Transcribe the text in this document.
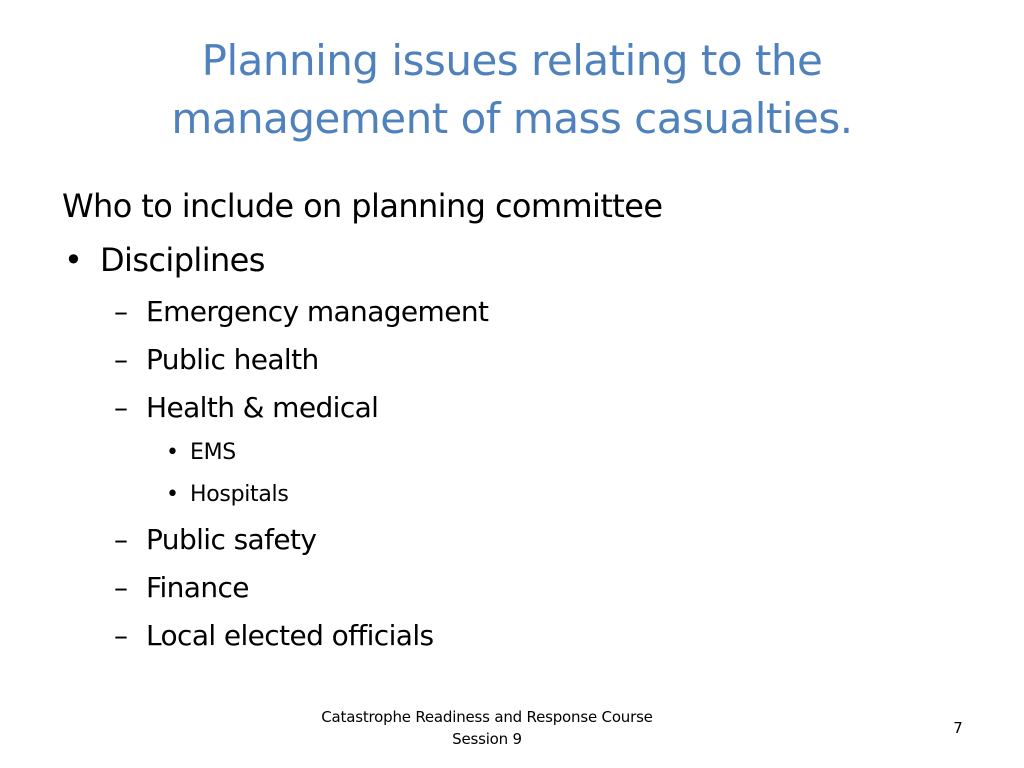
Planning issues relating to the
management of mass casualties.

Who to include on planning committee

• Disciplines
– Emergency management
– Public health
– Health & medical
• EMS
• Hospitals
– Public safety
– Finance
– Local elected officials
Catastrophe Readiness and Response Course
Session 9
7
